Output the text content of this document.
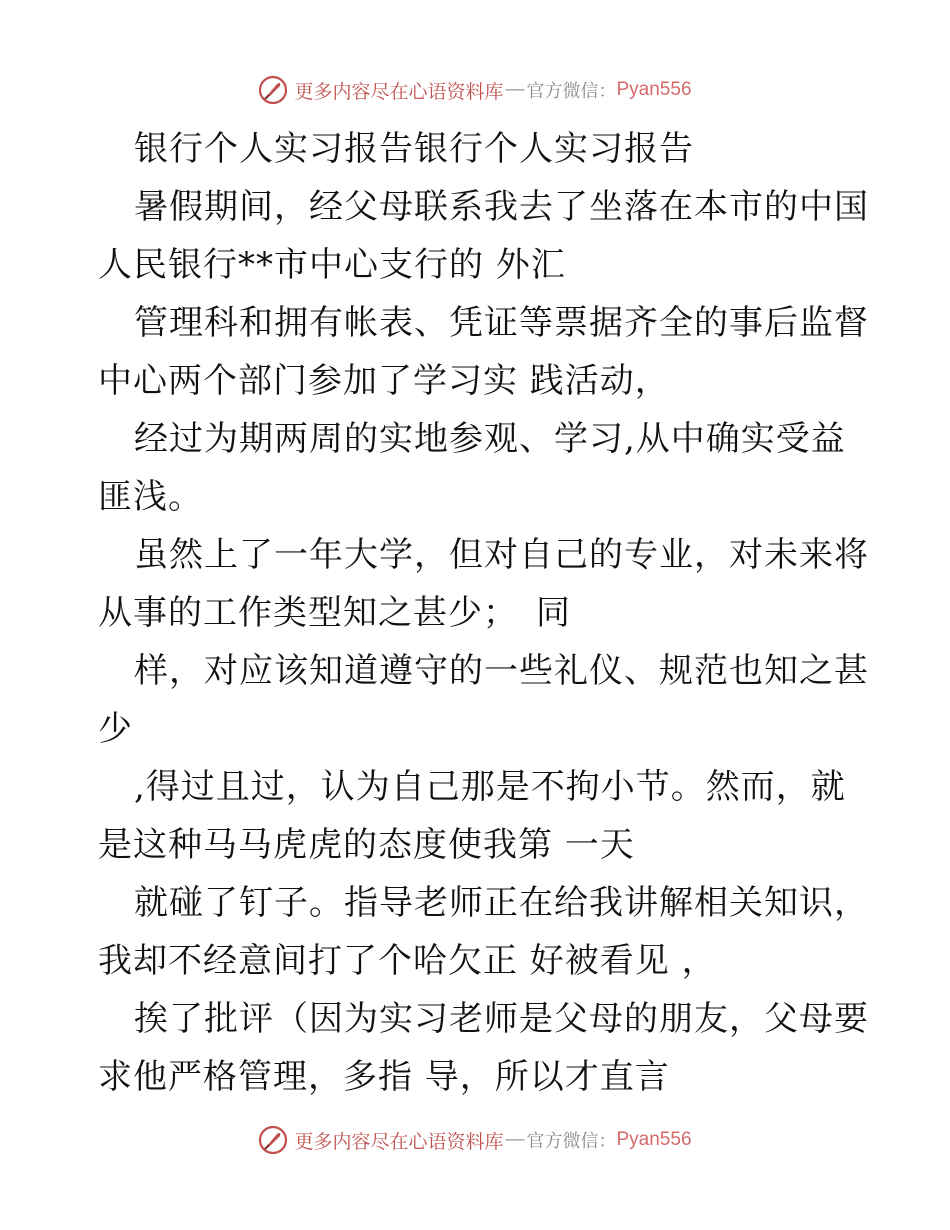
更多内容尽在心语资料库 — 官方微信： Pyan556
银行个人实习报告银行个人实习报告
暑假期间，经父母联系我去了坐落在本市的中国
人民银行**市中心支行的 外汇
管理科和拥有帐表、凭证等票据齐全的事后监督
中心两个部门参加了学习实 践活动，
经过为期两周的实地参观、学习,从中确实受益
匪浅。
虽然上了一年大学，但对自己的专业，对未来将
从事的工作类型知之甚少；　同
样，对应该知道遵守的一些礼仪、规范也知之甚
少
,得过且过，认为自己那是不拘小节。然而，就
是这种马马虎虎的态度使我第 一天
就碰了钉子。指导老师正在给我讲解相关知识，
我却不经意间打了个哈欠正 好被看见 ，
挨了批评（因为实习老师是父母的朋友，父母要
求他严格管理，多指 导，所以才直言
更多内容尽在心语资料库 — 官方微信： Pyan556
